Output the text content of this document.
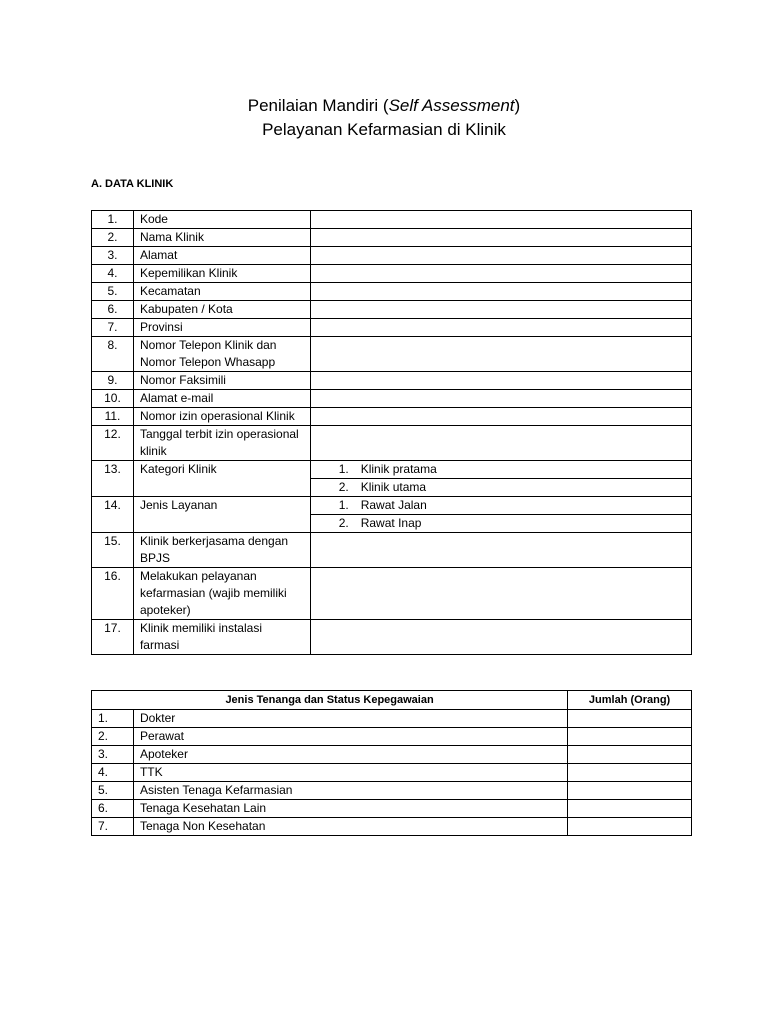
Penilaian Mandiri (Self Assessment)
Pelayanan Kefarmasian di Klinik
A. DATA KLINIK
1.	Kode	
2.	Nama Klinik	
3.	Alamat	
4.	Kepemilikan Klinik	
5.	Kecamatan	
6.	Kabupaten / Kota	
7.	Provinsi	
8.	Nomor Telepon Klinik dan Nomor Telepon Whasapp	
9.	Nomor Faksimili	
10.	Alamat e-mail	
11.	Nomor izin operasional Klinik	
12.	Tanggal terbit izin operasional klinik	
13.	Kategori Klinik	1. Klinik pratama
		2. Klinik utama
14.	Jenis Layanan	1. Rawat Jalan
		2. Rawat Inap
15.	Klinik berkerjasama dengan BPJS	
16.	Melakukan pelayanan kefarmasian (wajib memiliki apoteker)	
17.	Klinik memiliki instalasi farmasi	
Jenis Tenanga dan Status Kepegawaian		Jumlah (Orang)
1.	Dokter	
2.	Perawat	
3.	Apoteker	
4.	TTK	
5.	Asisten Tenaga Kefarmasian	
6.	Tenaga Kesehatan Lain	
7.	Tenaga Non Kesehatan	
